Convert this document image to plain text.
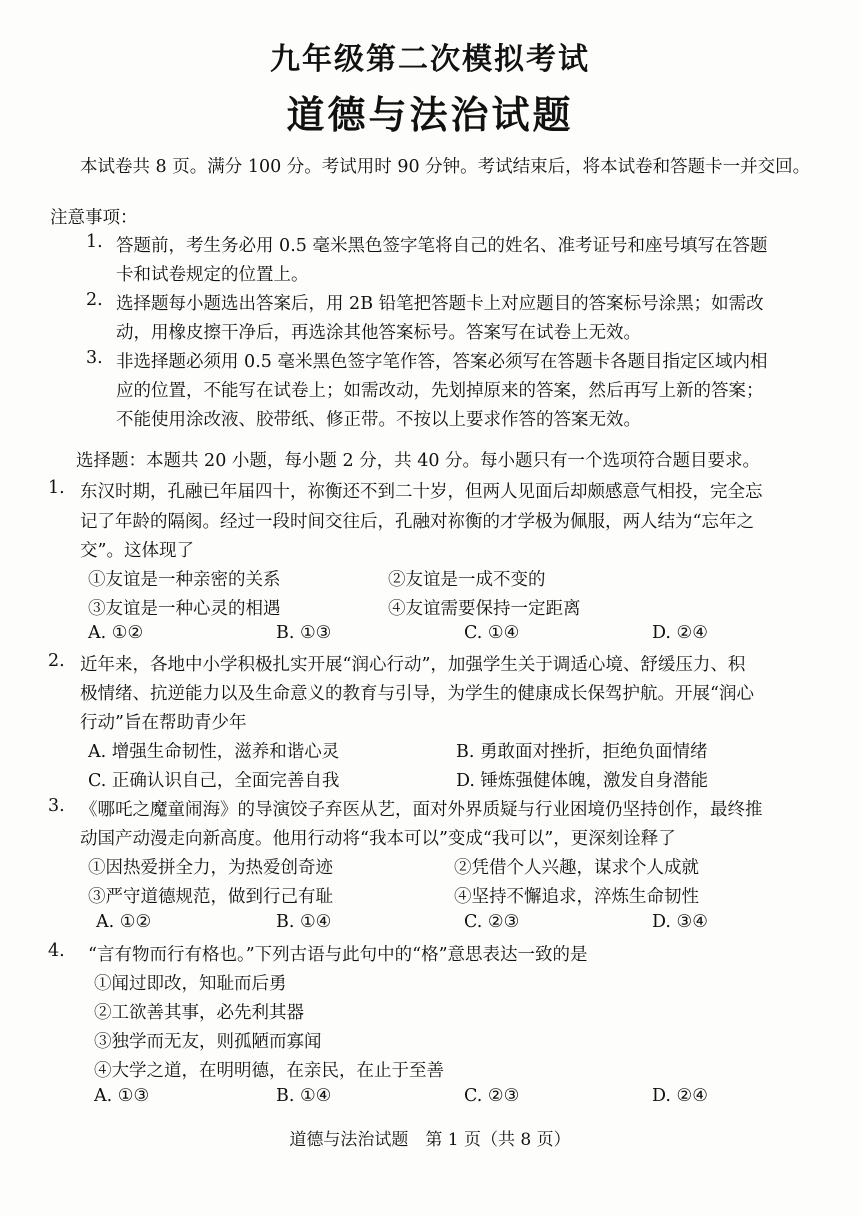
九年级第二次模拟考试
道德与法治试题
本试卷共 8 页。满分 100 分。考试用时 90 分钟。考试结束后，将本试卷和答题卡一并交回。
注意事项：
1. 答题前，考生务必用 0.5 毫米黑色签字笔将自己的姓名、准考证号和座号填写在答题
卡和试卷规定的位置上。
2. 选择题每小题选出答案后，用 2B 铅笔把答题卡上对应题目的答案标号涂黑；如需改
动，用橡皮擦干净后，再选涂其他答案标号。答案写在试卷上无效。
3. 非选择题必须用 0.5 毫米黑色签字笔作答，答案必须写在答题卡各题目指定区域内相
应的位置，不能写在试卷上；如需改动，先划掉原来的答案，然后再写上新的答案；
不能使用涂改液、胶带纸、修正带。不按以上要求作答的答案无效。
选择题：本题共 20 小题，每小题 2 分，共 40 分。每小题只有一个选项符合题目要求。
1. 东汉时期，孔融已年届四十，祢衡还不到二十岁，但两人见面后却颇感意气相投，完全忘
记了年龄的隔阂。经过一段时间交往后，孔融对祢衡的才学极为佩服，两人结为“忘年之
交”。这体现了
①友谊是一种亲密的关系	②友谊是一成不变的
③友谊是一种心灵的相遇	④友谊需要保持一定距离
A. ①②	B. ①③	C. ①④	D. ②④
2. 近年来，各地中小学积极扎实开展“润心行动”，加强学生关于调适心境、舒缓压力、积
极情绪、抗逆能力以及生命意义的教育与引导，为学生的健康成长保驾护航。开展“润心
行动”旨在帮助青少年
A. 增强生命韧性，滋养和谐心灵	B. 勇敢面对挫折，拒绝负面情绪
C. 正确认识自己，全面完善自我	D. 锤炼强健体魄，激发自身潜能
3. 《哪吒之魔童闹海》的导演饺子弃医从艺，面对外界质疑与行业困境仍坚持创作，最终推
动国产动漫走向新高度。他用行动将“我本可以”变成“我可以”，更深刻诠释了
①因热爱拼全力，为热爱创奇迹	②凭借个人兴趣，谋求个人成就
③严守道德规范，做到行己有耻	④坚持不懈追求，淬炼生命韧性
A. ①②	B. ①④	C. ②③	D. ③④
4. “言有物而行有格也。”下列古语与此句中的“格”意思表达一致的是
①闻过即改，知耻而后勇
②工欲善其事，必先利其器
③独学而无友，则孤陋而寡闻
④大学之道，在明明德，在亲民，在止于至善
A. ①③	B. ①④	C. ②③	D. ②④
道德与法治试题　第 1 页（共 8 页）
